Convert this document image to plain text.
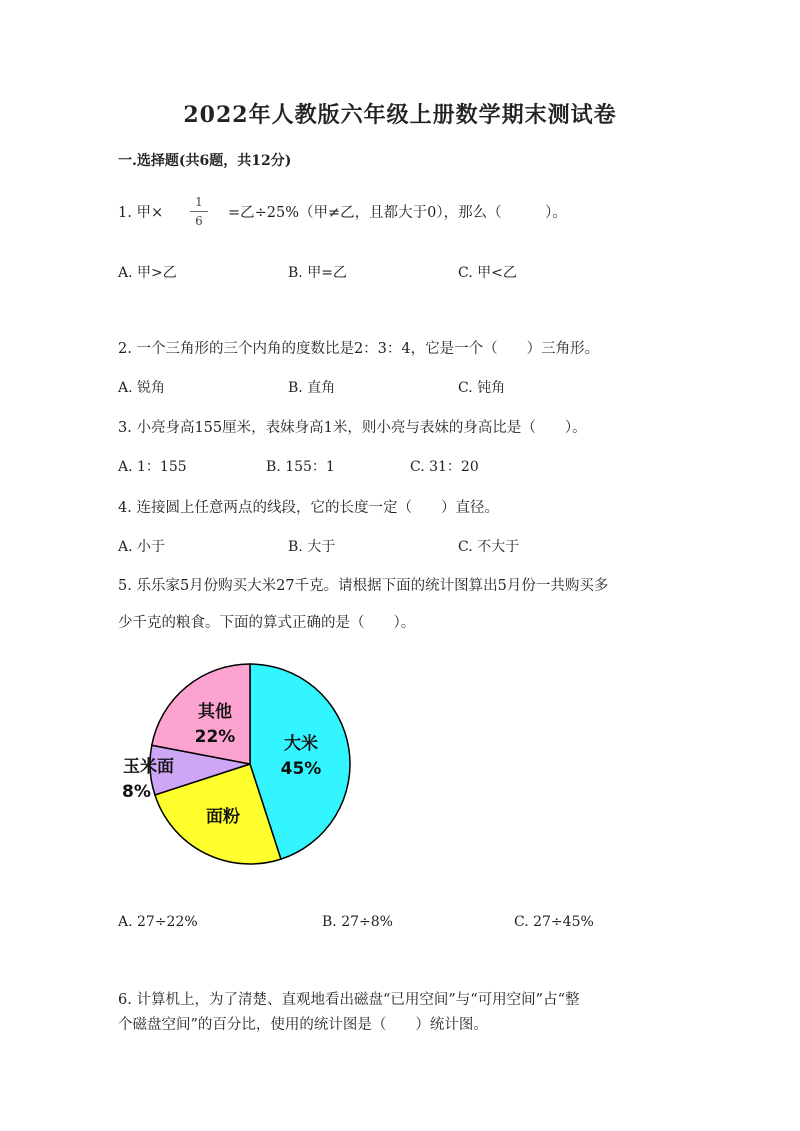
2022年人教版六年级上册数学期末测试卷
一.选择题(共6题，共12分)
1. 甲× $\frac{1}{6}$ =乙÷25%（甲≠乙，且都大于0），那么（　　　）。
A. 甲>乙	B. 甲=乙	C. 甲<乙
2. 一个三角形的三个内角的度数比是2：3：4，它是一个（　　）三角形。
A. 锐角	B. 直角	C. 钝角
3. 小亮身高155厘米，表妹身高1米，则小亮与表妹的身高比是（　　）。
A. 1：155	B. 155：1	C. 31：20
4. 连接圆上任意两点的线段，它的长度一定（　　）直径。
A. 小于	B. 大于	C. 不大于
5. 乐乐家5月份购买大米27千克。请根据下面的统计图算出5月份一共购买多
少千克的粮食。下面的算式正确的是（　　）。
大米
45%
面粉
玉米面
8%
其他
22%
A. 27÷22%	B. 27÷8%	C. 27÷45%
6. 计算机上，为了清楚、直观地看出磁盘“已用空间”与“可用空间”占“整
个磁盘空间”的百分比，使用的统计图是（　　）统计图。
